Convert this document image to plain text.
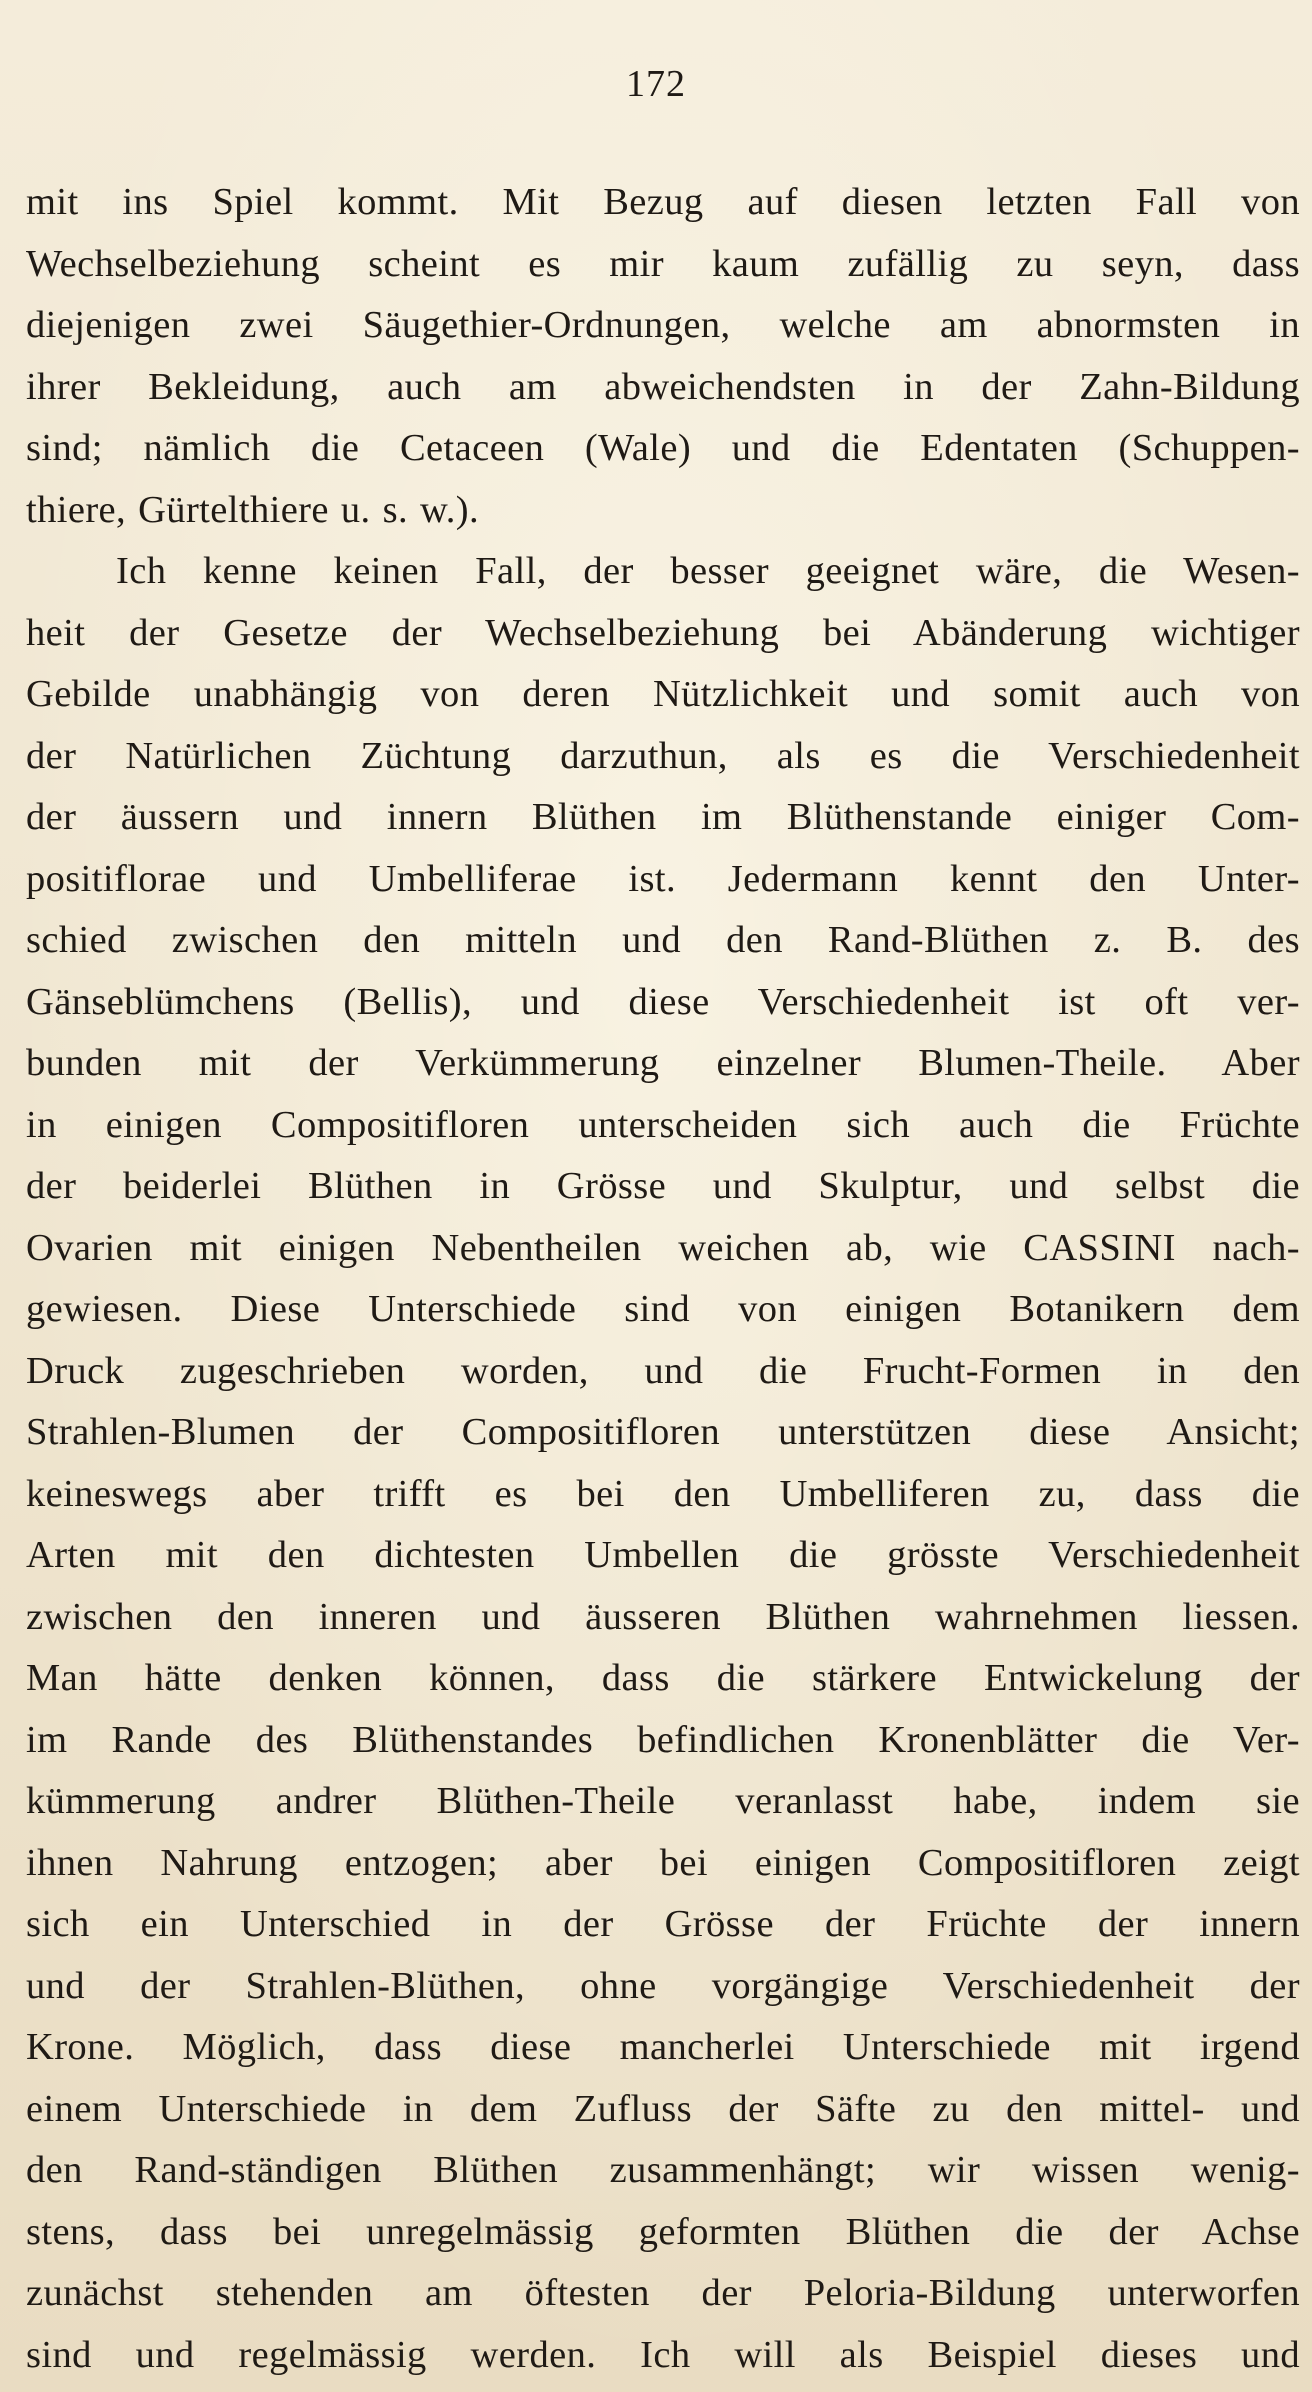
172
mit ins Spiel kommt. Mit Bezug auf diesen letzten Fall von
Wechselbeziehung scheint es mir kaum zufällig zu seyn, dass
diejenigen zwei Säugethier-Ordnungen, welche am abnormsten in
ihrer Bekleidung, auch am abweichendsten in der Zahn-Bildung
sind; nämlich die Cetaceen (Wale) und die Edentaten (Schuppen-
thiere, Gürtelthiere u. s. w.).
Ich kenne keinen Fall, der besser geeignet wäre, die Wesen-
heit der Gesetze der Wechselbeziehung bei Abänderung wichtiger
Gebilde unabhängig von deren Nützlichkeit und somit auch von
der Natürlichen Züchtung darzuthun, als es die Verschiedenheit
der äussern und innern Blüthen im Blüthenstande einiger Com-
positiflorae und Umbelliferae ist. Jedermann kennt den Unter-
schied zwischen den mitteln und den Rand-Blüthen z. B. des
Gänseblümchens (Bellis), und diese Verschiedenheit ist oft ver-
bunden mit der Verkümmerung einzelner Blumen-Theile. Aber
in einigen Compositifloren unterscheiden sich auch die Früchte
der beiderlei Blüthen in Grösse und Skulptur, und selbst die
Ovarien mit einigen Nebentheilen weichen ab, wie CASSINI nach-
gewiesen. Diese Unterschiede sind von einigen Botanikern dem
Druck zugeschrieben worden, und die Frucht-Formen in den
Strahlen-Blumen der Compositifloren unterstützen diese Ansicht;
keineswegs aber trifft es bei den Umbelliferen zu, dass die
Arten mit den dichtesten Umbellen die grösste Verschiedenheit
zwischen den inneren und äusseren Blüthen wahrnehmen liessen.
Man hätte denken können, dass die stärkere Entwickelung der
im Rande des Blüthenstandes befindlichen Kronenblätter die Ver-
kümmerung andrer Blüthen-Theile veranlasst habe, indem sie
ihnen Nahrung entzogen; aber bei einigen Compositifloren zeigt
sich ein Unterschied in der Grösse der Früchte der innern
und der Strahlen-Blüthen, ohne vorgängige Verschiedenheit der
Krone. Möglich, dass diese mancherlei Unterschiede mit irgend
einem Unterschiede in dem Zufluss der Säfte zu den mittel- und
den Rand-ständigen Blüthen zusammenhängt; wir wissen wenig-
stens, dass bei unregelmässig geformten Blüthen die der Achse
zunächst stehenden am öftesten der Peloria-Bildung unterworfen
sind und regelmässig werden. Ich will als Beispiel dieses und
